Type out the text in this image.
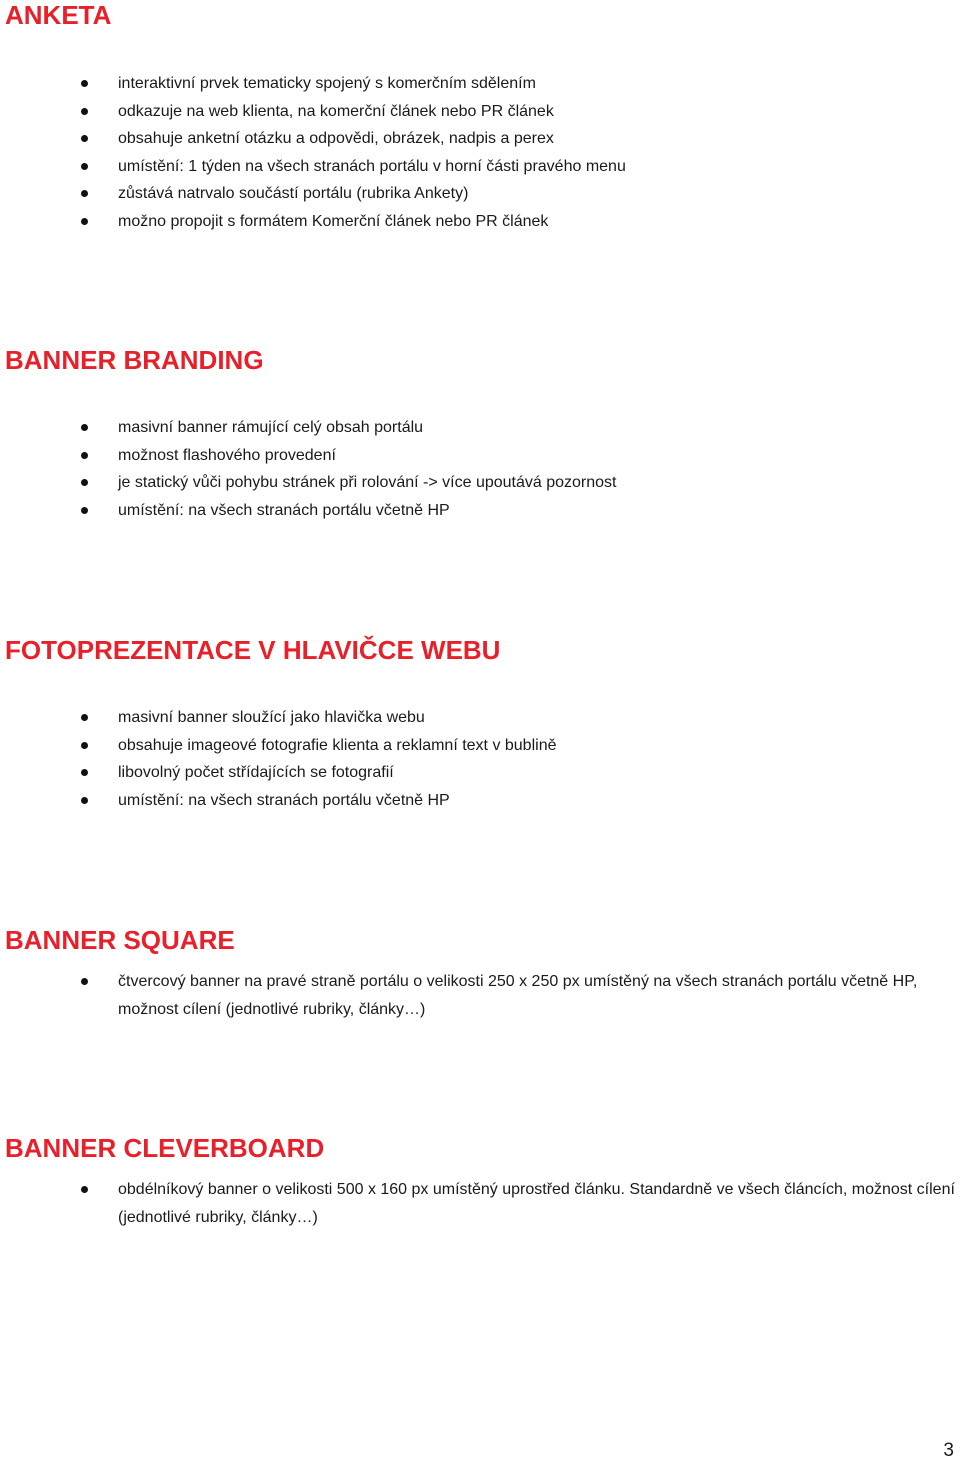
ANKETA
interaktivní prvek tematicky spojený s komerčním sdělením
odkazuje na web klienta, na komerční článek nebo PR článek
obsahuje anketní otázku a odpovědi, obrázek, nadpis a perex
umístění: 1 týden na všech stranách portálu v horní části pravého menu
zůstává natrvalo součástí portálu (rubrika Ankety)
možno propojit s formátem Komerční článek nebo PR článek
BANNER BRANDING
masivní banner rámující celý obsah portálu
možnost flashového provedení
je statický vůči pohybu stránek při rolování -> více upoutává pozornost
umístění: na všech stranách portálu včetně HP
FOTOPREZENTACE V HLAVIČCE WEBU
masivní banner sloužící jako hlavička webu
obsahuje imageové fotografie klienta a reklamní text v bublině
libovolný počet střídajících se fotografií
umístění: na všech stranách portálu včetně HP
BANNER SQUARE
čtvercový banner na pravé straně portálu o velikosti 250 x 250 px umístěný na všech stranách portálu včetně HP, možnost cílení (jednotlivé rubriky, články…)
BANNER CLEVERBOARD
obdélníkový banner o velikosti 500 x 160 px umístěný uprostřed článku. Standardně ve všech článcích, možnost cílení (jednotlivé rubriky, články…)
3
